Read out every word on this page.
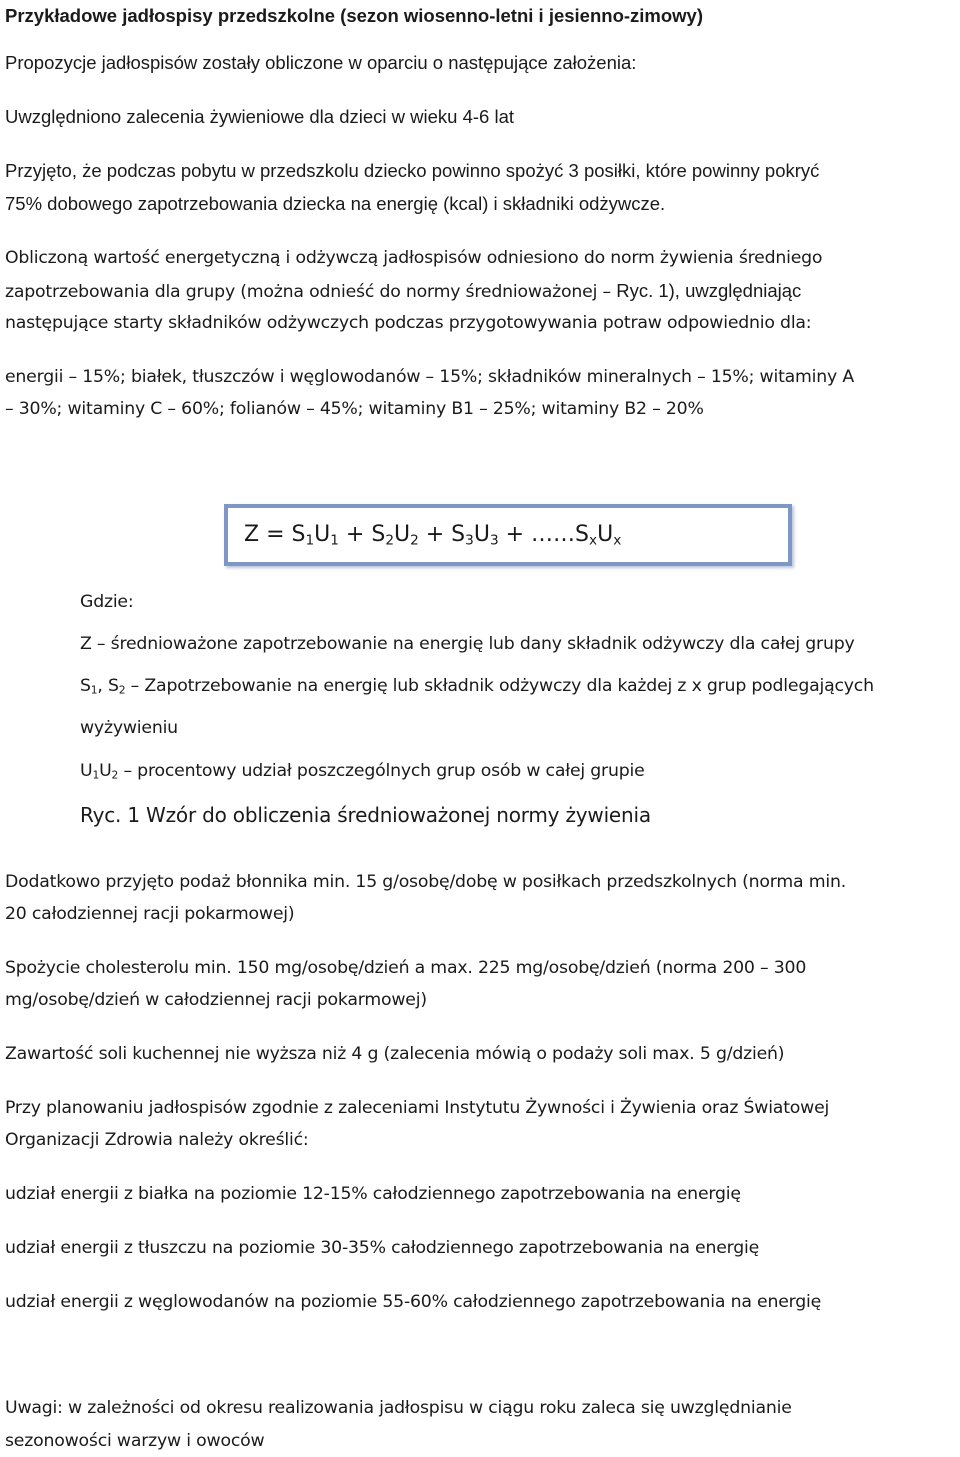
Przykładowe jadłospisy przedszkolne (sezon wiosenno-letni i jesienno-zimowy)
Propozycje jadłospisów zostały obliczone w oparciu o następujące założenia:
Uwzględniono zalecenia żywieniowe dla dzieci w wieku 4-6 lat
Przyjęto, że podczas pobytu w przedszkolu dziecko powinno spożyć 3 posiłki, które powinny pokryć
75% dobowego zapotrzebowania dziecka na energię (kcal) i składniki odżywcze.
Obliczoną wartość energetyczną i odżywczą jadłospisów odniesiono do norm żywienia średniego
zapotrzebowania dla grupy (można odnieść do normy średnioważonej – Ryc. 1), uwzględniając
następujące starty składników odżywczych podczas przygotowywania potraw odpowiednio dla:
energii – 15%; białek, tłuszczów i węglowodanów – 15%; składników mineralnych – 15%; witaminy A
– 30%; witaminy C – 60%; folianów – 45%; witaminy B1 – 25%; witaminy B2 – 20%
$Z = S_1U_1 + S_2U_2 + S_3U_3$ + $\dots\dots S_xU_x$
Gdzie:
Z – średnioważone zapotrzebowanie na energię lub dany składnik odżywczy dla całej grupy
$S_1$, $S_2$ – Zapotrzebowanie na energię lub składnik odżywczy dla każdej z x grup podlegających
wyżywieniu
$U_1U_2$ – procentowy udział poszczególnych grup osób w całej grupie
Ryc. 1 Wzór do obliczenia średnioważonej normy żywienia
Dodatkowo przyjęto podaż błonnika min. 15 g/osobę/dobę w posiłkach przedszkolnych (norma min.
20 całodziennej racji pokarmowej)
Spożycie cholesterolu min. 150 mg/osobę/dzień a max. 225 mg/osobę/dzień (norma 200 – 300
mg/osobę/dzień w całodziennej racji pokarmowej)
Zawartość soli kuchennej nie wyższa niż 4 g (zalecenia mówią o podaży soli max. 5 g/dzień)
Przy planowaniu jadłospisów zgodnie z zaleceniami Instytutu Żywności i Żywienia oraz Światowej
Organizacji Zdrowia należy określić:
udział energii z białka na poziomie 12-15% całodziennego zapotrzebowania na energię
udział energii z tłuszczu na poziomie 30-35% całodziennego zapotrzebowania na energię
udział energii z węglowodanów na poziomie 55-60% całodziennego zapotrzebowania na energię
Uwagi: w zależności od okresu realizowania jadłospisu w ciągu roku zaleca się uwzględnianie
sezonowości warzyw i owoców
